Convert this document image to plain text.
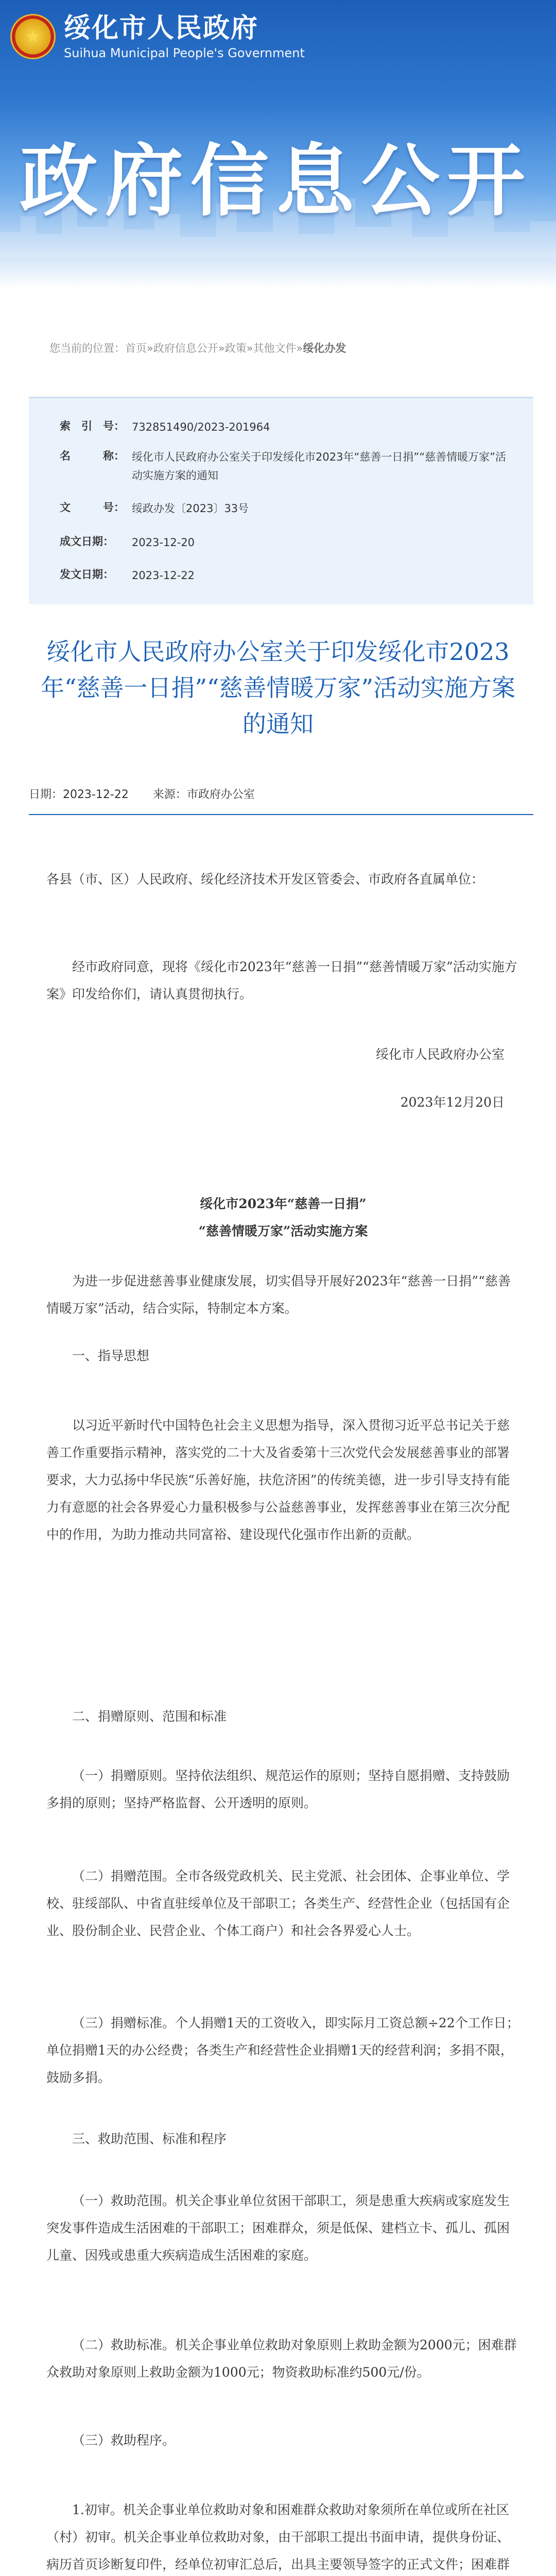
★ 绥化市人民政府
Suihua Municipal People's Government
政府信息公开
您当前的位置：首页»政府信息公开»政策»其他文件»绥化办发
索　引　号： 732851490/2023-201964
名　　　称： 绥化市人民政府办公室关于印发绥化市2023年“慈善一日捐”“慈善情暖万家”活动实施方案的通知
文　　　号： 绥政办发〔2023〕33号
成文日期： 2023-12-20
发文日期： 2023-12-22
绥化市人民政府办公室关于印发绥化市2023年“慈善一日捐”“慈善情暖万家”活动实施方案的通知
日期：2023-12-22 来源：市政府办公室
各县（市、区）人民政府、绥化经济技术开发区管委会、市政府各直属单位：
经市政府同意，现将《绥化市2023年“慈善一日捐”“慈善情暖万家”活动实施方案》印发给你们，请认真贯彻执行。
绥化市人民政府办公室
2023年12月20日
绥化市2023年“慈善一日捐”
“慈善情暖万家”活动实施方案
为进一步促进慈善事业健康发展，切实倡导开展好2023年“慈善一日捐”“慈善情暖万家”活动，结合实际，特制定本方案。
一、指导思想
以习近平新时代中国特色社会主义思想为指导，深入贯彻习近平总书记关于慈善工作重要指示精神，落实党的二十大及省委第十三次党代会发展慈善事业的部署要求，大力弘扬中华民族“乐善好施，扶危济困”的传统美德，进一步引导支持有能力有意愿的社会各界爱心力量积极参与公益慈善事业，发挥慈善事业在第三次分配中的作用，为助力推动共同富裕、建设现代化强市作出新的贡献。
二、捐赠原则、范围和标准
（一）捐赠原则。坚持依法组织、规范运作的原则；坚持自愿捐赠、支持鼓励多捐的原则；坚持严格监督、公开透明的原则。
（二）捐赠范围。全市各级党政机关、民主党派、社会团体、企事业单位、学校、驻绥部队、中省直驻绥单位及干部职工；各类生产、经营性企业（包括国有企业、股份制企业、民营企业、个体工商户）和社会各界爱心人士。
（三）捐赠标准。个人捐赠1天的工资收入，即实际月工资总额÷22个工作日；单位捐赠1天的办公经费；各类生产和经营性企业捐赠1天的经营利润；多捐不限，鼓励多捐。
三、救助范围、标准和程序
（一）救助范围。机关企事业单位贫困干部职工，须是患重大疾病或家庭发生突发事件造成生活困难的干部职工；困难群众，须是低保、建档立卡、孤儿、孤困儿童、因残或患重大疾病造成生活困难的家庭。
（二）救助标准。机关企事业单位救助对象原则上救助金额为2000元；困难群众救助对象原则上救助金额为1000元；物资救助标准约500元/份。
（三）救助程序。
1.初审。机关企事业单位救助对象和困难群众救助对象须所在单位或所在社区（村）初审。机关企事业单位救助对象，由干部职工提出书面申请，提供身份证、病历首页诊断复印件，经单位初审汇总后，出具主要领导签字的正式文件；困难群
